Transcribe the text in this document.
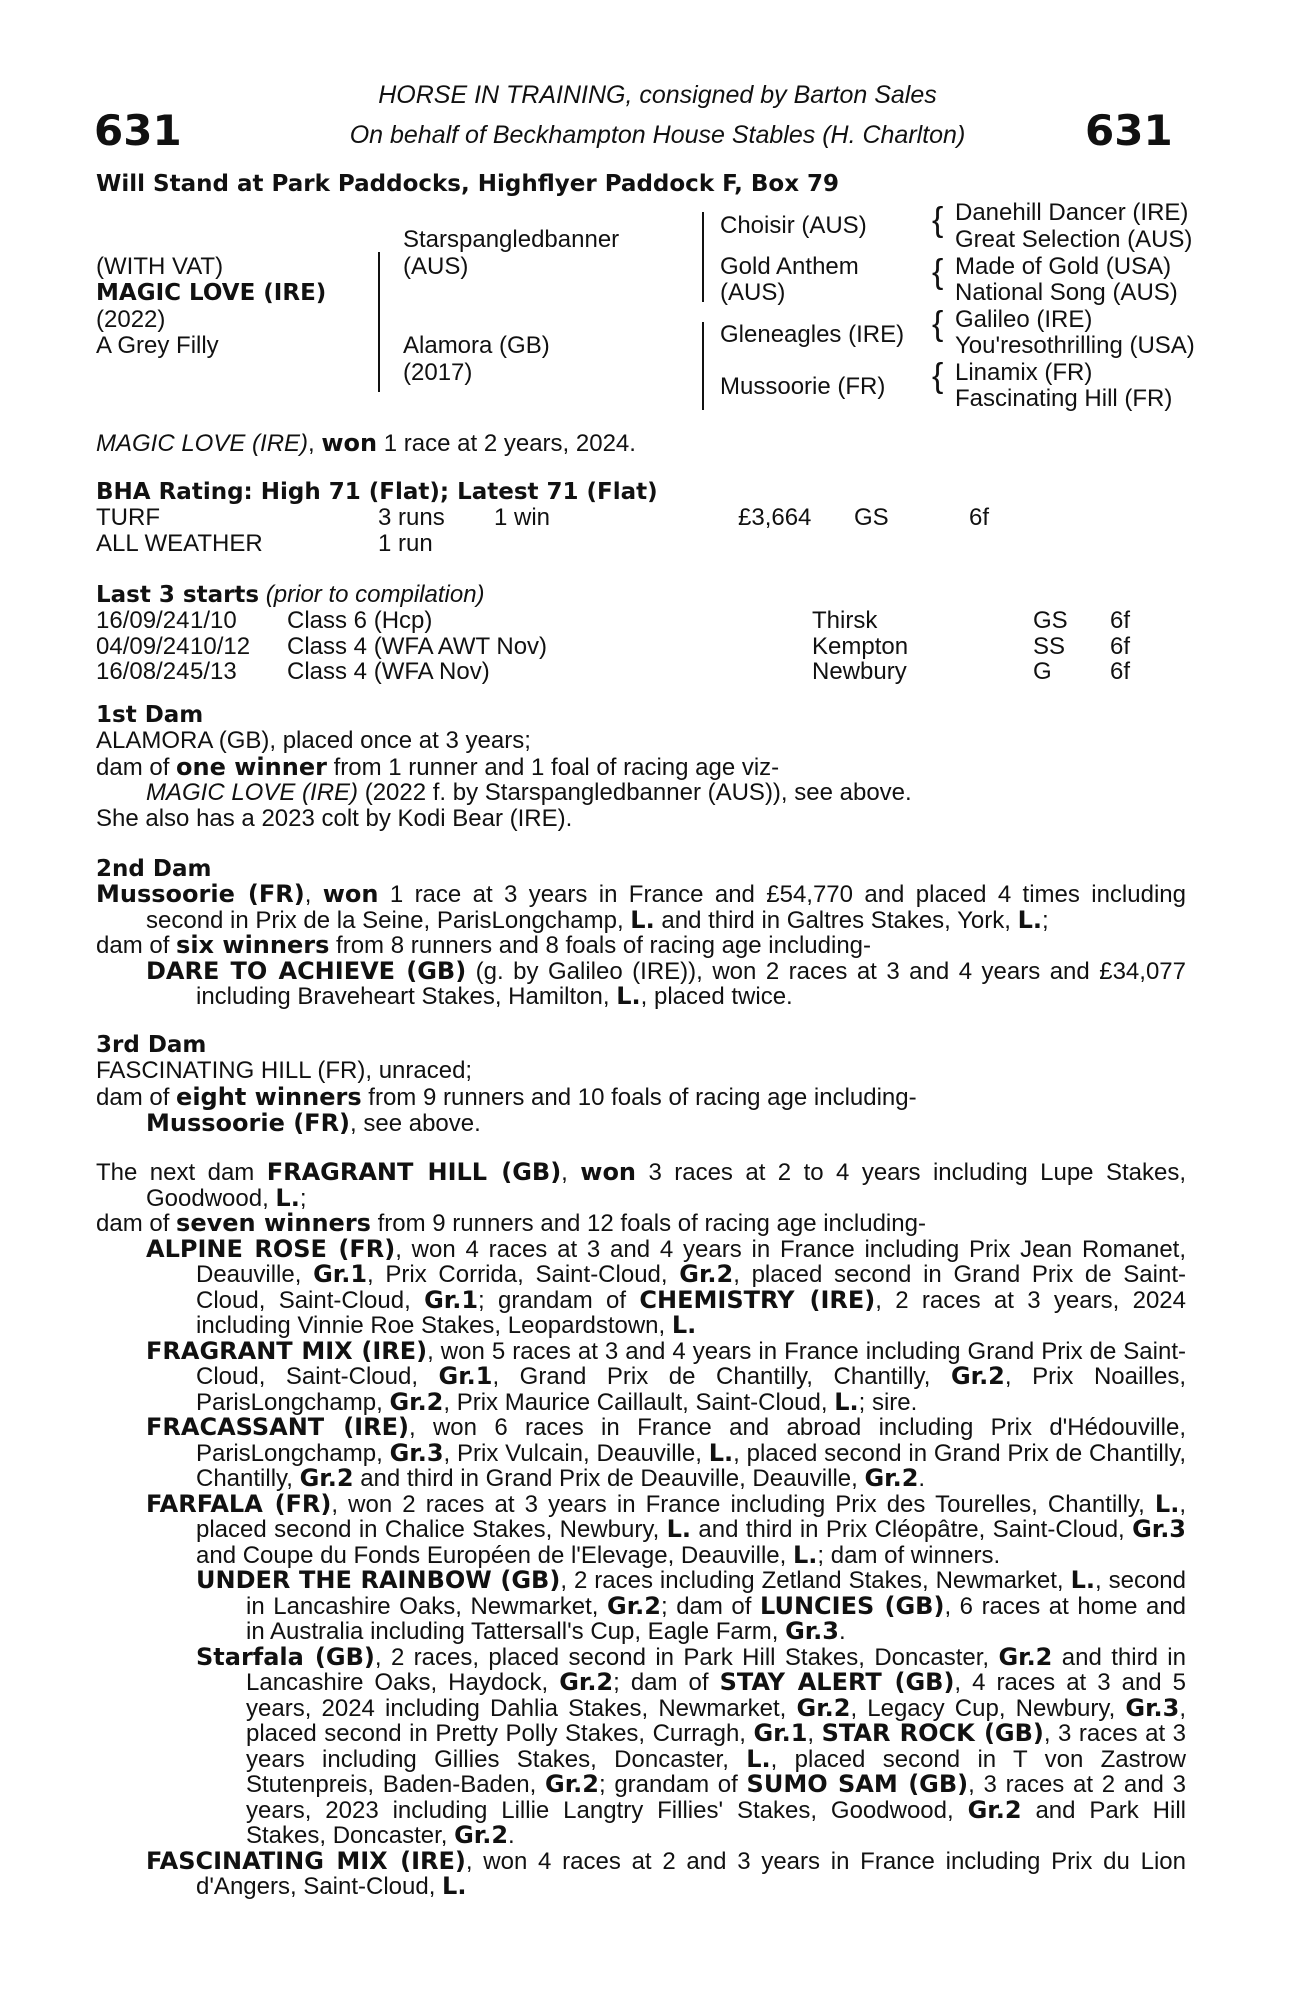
631	631
HORSE IN TRAINING, consigned by Barton Sales
On behalf of Beckhampton House Stables (H. Charlton)
Will Stand at Park Paddocks, Highflyer Paddock F, Box 79
(WITH VAT)
MAGIC LOVE (IRE)
(2022)
A Grey Filly
Starspangledbanner
(AUS)
Alamora (GB)
(2017)
Choisir (AUS)
Gold Anthem
(AUS)
Gleneagles (IRE)
Mussoorie (FR)
{
{
{
{
Danehill Dancer (IRE)
Great Selection (AUS)
Made of Gold (USA)
National Song (AUS)
Galileo (IRE)
You'resothrilling (USA)
Linamix (FR)
Fascinating Hill (FR)
MAGIC LOVE (IRE), won 1 race at 2 years, 2024.
BHA Rating: High 71 (Flat); Latest 71 (Flat)
TURF	3 runs 1 win	£3,664 GS	6f
ALL WEATHER	1 run
Last 3 starts (prior to compilation)
16/09/24 1/10 Class 6 (Hcp)	Thirsk	GS 6f
04/09/24 10/12 Class 4 (WFA AWT Nov)	Kempton	SS 6f
16/08/24 5/13 Class 4 (WFA Nov)	Newbury	G 6f
1st Dam
ALAMORA (GB), placed once at 3 years;
dam of one winner from 1 runner and 1 foal of racing age viz-
MAGIC LOVE (IRE) (2022 f. by Starspangledbanner (AUS)), see above.
She also has a 2023 colt by Kodi Bear (IRE).
2nd Dam
Mussoorie (FR), won 1 race at 3 years in France and £54,770 and placed 4 times including second in Prix de la Seine, ParisLongchamp, L. and third in Galtres Stakes, York, L.;
dam of six winners from 8 runners and 8 foals of racing age including-
DARE TO ACHIEVE (GB) (g. by Galileo (IRE)), won 2 races at 3 and 4 years and £34,077 including Braveheart Stakes, Hamilton, L., placed twice.
3rd Dam
FASCINATING HILL (FR), unraced;
dam of eight winners from 9 runners and 10 foals of racing age including-
Mussoorie (FR), see above.
The next dam FRAGRANT HILL (GB), won 3 races at 2 to 4 years including Lupe Stakes, Goodwood, L.;
dam of seven winners from 9 runners and 12 foals of racing age including-
ALPINE ROSE (FR), won 4 races at 3 and 4 years in France including Prix Jean Romanet, Deauville, Gr.1, Prix Corrida, Saint-Cloud, Gr.2, placed second in Grand Prix de Saint-Cloud, Saint-Cloud, Gr.1; grandam of CHEMISTRY (IRE), 2 races at 3 years, 2024 including Vinnie Roe Stakes, Leopardstown, L.
FRAGRANT MIX (IRE), won 5 races at 3 and 4 years in France including Grand Prix de Saint-Cloud, Saint-Cloud, Gr.1, Grand Prix de Chantilly, Chantilly, Gr.2, Prix Noailles, ParisLongchamp, Gr.2, Prix Maurice Caillault, Saint-Cloud, L.; sire.
FRACASSANT (IRE), won 6 races in France and abroad including Prix d'Hédouville, ParisLongchamp, Gr.3, Prix Vulcain, Deauville, L., placed second in Grand Prix de Chantilly, Chantilly, Gr.2 and third in Grand Prix de Deauville, Deauville, Gr.2.
FARFALA (FR), won 2 races at 3 years in France including Prix des Tourelles, Chantilly, L., placed second in Chalice Stakes, Newbury, L. and third in Prix Cléopâtre, Saint-Cloud, Gr.3 and Coupe du Fonds Européen de l'Elevage, Deauville, L.; dam of winners.
UNDER THE RAINBOW (GB), 2 races including Zetland Stakes, Newmarket, L., second in Lancashire Oaks, Newmarket, Gr.2; dam of LUNCIES (GB), 6 races at home and in Australia including Tattersall's Cup, Eagle Farm, Gr.3.
Starfala (GB), 2 races, placed second in Park Hill Stakes, Doncaster, Gr.2 and third in Lancashire Oaks, Haydock, Gr.2; dam of STAY ALERT (GB), 4 races at 3 and 5 years, 2024 including Dahlia Stakes, Newmarket, Gr.2, Legacy Cup, Newbury, Gr.3, placed second in Pretty Polly Stakes, Curragh, Gr.1, STAR ROCK (GB), 3 races at 3 years including Gillies Stakes, Doncaster, L., placed second in T von Zastrow Stutenpreis, Baden-Baden, Gr.2; grandam of SUMO SAM (GB), 3 races at 2 and 3 years, 2023 including Lillie Langtry Fillies' Stakes, Goodwood, Gr.2 and Park Hill Stakes, Doncaster, Gr.2.
FASCINATING MIX (IRE), won 4 races at 2 and 3 years in France including Prix du Lion d'Angers, Saint-Cloud, L.
